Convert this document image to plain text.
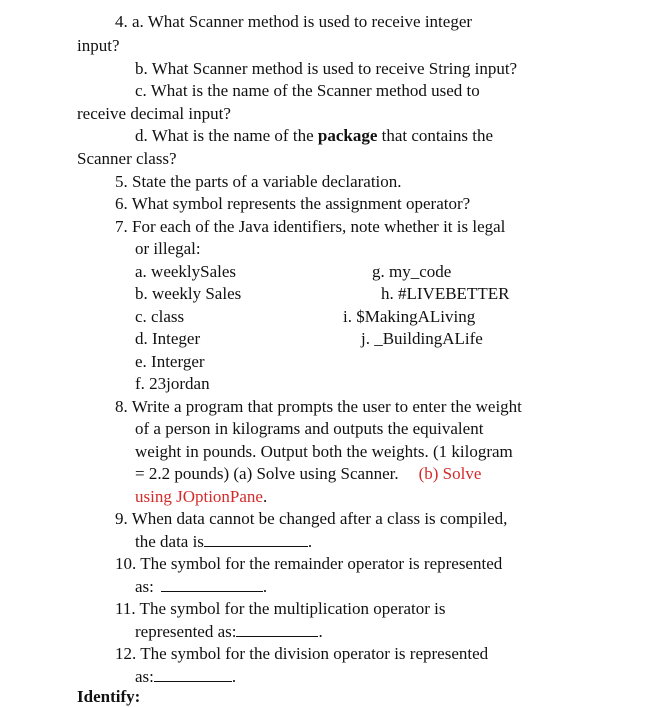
4. a. What Scanner method is used to receive integer
input?
b. What Scanner method is used to receive String input?
c. What is the name of the Scanner method used to
receive decimal input?
d. What is the name of the package that contains the
Scanner class?
5. State the parts of a variable declaration.
6. What symbol represents the assignment operator?
7. For each of the Java identifiers, note whether it is legal
or illegal:
a. weeklySales
b. weekly Sales
c. class
d. Integer
e. Interger
f. 23jordan
g. my_code
h. #LIVEBETTER
i. $MakingALiving
j. _BuildingALife
8. Write a program that prompts the user to enter the weight
of a person in kilograms and outputs the equivalent
weight in pounds. Output both the weights. (1 kilogram
= 2.2 pounds) (a) Solve using Scanner. (b) Solve
using JOptionPane.
9. When data cannot be changed after a class is compiled,
the data is	.
10. The symbol for the remainder operator is represented
as:	.
11. The symbol for the multiplication operator is
represented as:	.
12. The symbol for the division operator is represented
as:	.
Identify:
